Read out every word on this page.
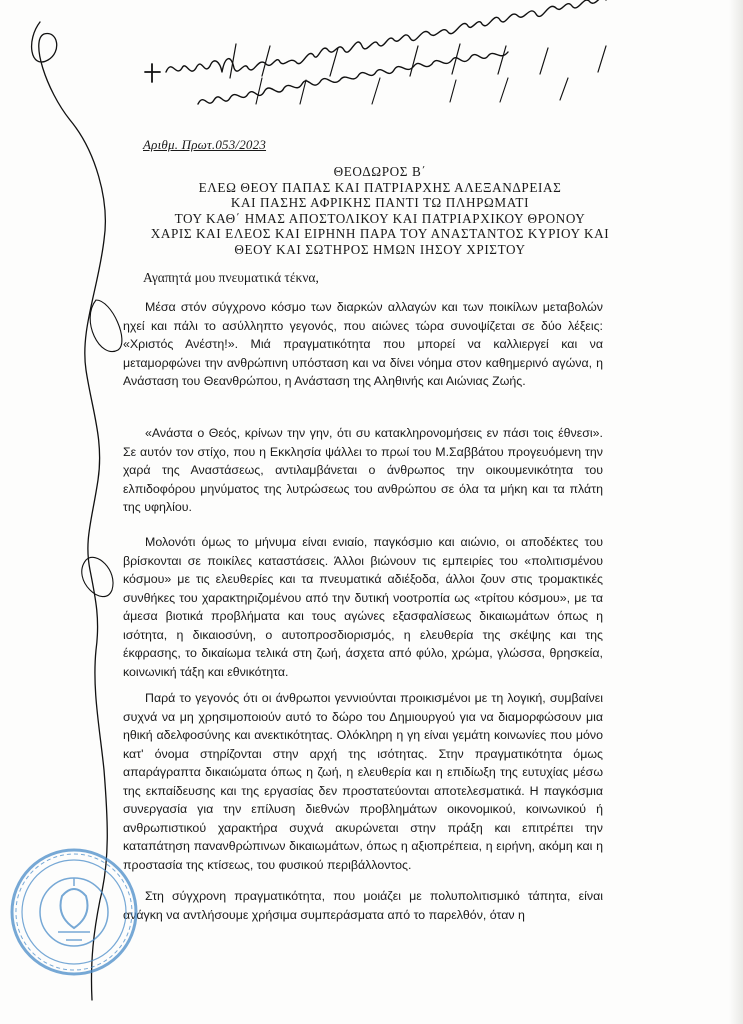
Αριθμ. Πρωτ.053/2023
ΘΕΟΔΩΡΟΣ Β΄
ΕΛΕΩ ΘΕΟΥ ΠΑΠΑΣ ΚΑΙ ΠΑΤΡΙΑΡΧΗΣ ΑΛΕΞΑΝΔΡΕΙΑΣ
ΚΑΙ ΠΑΣΗΣ ΑΦΡΙΚΗΣ ΠΑΝΤΙ ΤΩ ΠΛΗΡΩΜΑΤΙ
ΤΟΥ ΚΑΘ΄ ΗΜΑΣ ΑΠΟΣΤΟΛΙΚΟΥ ΚΑΙ ΠΑΤΡΙΑΡΧΙΚΟΥ ΘΡΟΝΟΥ
ΧΑΡΙΣ ΚΑΙ ΕΛΕΟΣ ΚΑΙ ΕΙΡΗΝΗ ΠΑΡΑ ΤΟΥ ΑΝΑΣΤΑΝΤΟΣ ΚΥΡΙΟΥ ΚΑΙ
ΘΕΟΥ ΚΑΙ ΣΩΤΗΡΟΣ ΗΜΩΝ ΙΗΣΟΥ ΧΡΙΣΤΟΥ
Αγαπητά μου πνευματικά τέκνα,
Μέσα στόν σύγχρονο κόσμο των διαρκών αλλαγών και των ποικίλων μεταβολών ηχεί και πάλι το ασύλληπτο γεγονός, που αιώνες τώρα συνοψίζεται σε δύο λέξεις: «Χριστός Ανέστη!». Μιά πραγματικότητα που μπορεί να καλλιεργεί και να μεταμορφώνει την ανθρώπινη υπόσταση και να δίνει νόημα στον καθημερινό αγώνα, η Ανάσταση του Θεανθρώπου, η Ανάσταση της Αληθινής και Αιώνιας Ζωής.
«Ανάστα ο Θεός, κρίνων την γην, ότι συ κατακληρονομήσεις εν πάσι τοις έθνεσι». Σε αυτόν τον στίχο, που η Εκκλησία ψάλλει το πρωί του Μ.Σαββάτου προγευόμενη την χαρά της Αναστάσεως, αντιλαμβάνεται ο άνθρωπος την οικουμενικότητα του ελπιδοφόρου μηνύματος της λυτρώσεως του ανθρώπου σε όλα τα μήκη και τα πλάτη της υφηλίου.
Μολονότι όμως το μήνυμα είναι ενιαίο, παγκόσμιο και αιώνιο, οι αποδέκτες του βρίσκονται σε ποικίλες καταστάσεις. Άλλοι βιώνουν τις εμπειρίες του «πολιτισμένου κόσμου» με τις ελευθερίες και τα πνευματικά αδιέξοδα, άλλοι ζουν στις τρομακτικές συνθήκες του χαρακτηριζομένου από την δυτική νοοτροπία ως «τρίτου κόσμου», με τα άμεσα βιοτικά προβλήματα και τους αγώνες εξασφαλίσεως δικαιωμάτων όπως η ισότητα, η δικαιοσύνη, ο αυτοπροσδιορισμός, η ελευθερία της σκέψης και της έκφρασης, το δικαίωμα τελικά στη ζωή, άσχετα από φύλο, χρώμα, γλώσσα, θρησκεία, κοινωνική τάξη και εθνικότητα.
Παρά το γεγονός ότι οι άνθρωποι γεννιούνται προικισμένοι με τη λογική, συμβαίνει συχνά να μη χρησιμοποιούν αυτό το δώρο του Δημιουργού για να διαμορφώσουν μια ηθική αδελφοσύνης και ανεκτικότητας. Ολόκληρη η γη είναι γεμάτη κοινωνίες που μόνο κατ' όνομα στηρίζονται στην αρχή της ισότητας. Στην πραγματικότητα όμως απαράγραπτα δικαιώματα όπως η ζωή, η ελευθερία και η επιδίωξη της ευτυχίας μέσω της εκπαίδευσης και της εργασίας δεν προστατεύονται αποτελεσματικά. Η παγκόσμια συνεργασία για την επίλυση διεθνών προβλημάτων οικονομικού, κοινωνικού ή ανθρωπιστικού χαρακτήρα συχνά ακυρώνεται στην πράξη και επιτρέπει την καταπάτηση πανανθρώπινων δικαιωμάτων, όπως η αξιοπρέπεια, η ειρήνη, ακόμη και η προστασία της κτίσεως, του φυσικού περιβάλλοντος.
Στη σύγχρονη πραγματικότητα, που μοιάζει με πολυπολιτισμικό τάπητα, είναι ανάγκη να αντλήσουμε χρήσιμα συμπεράσματα από το παρελθόν, όταν η
